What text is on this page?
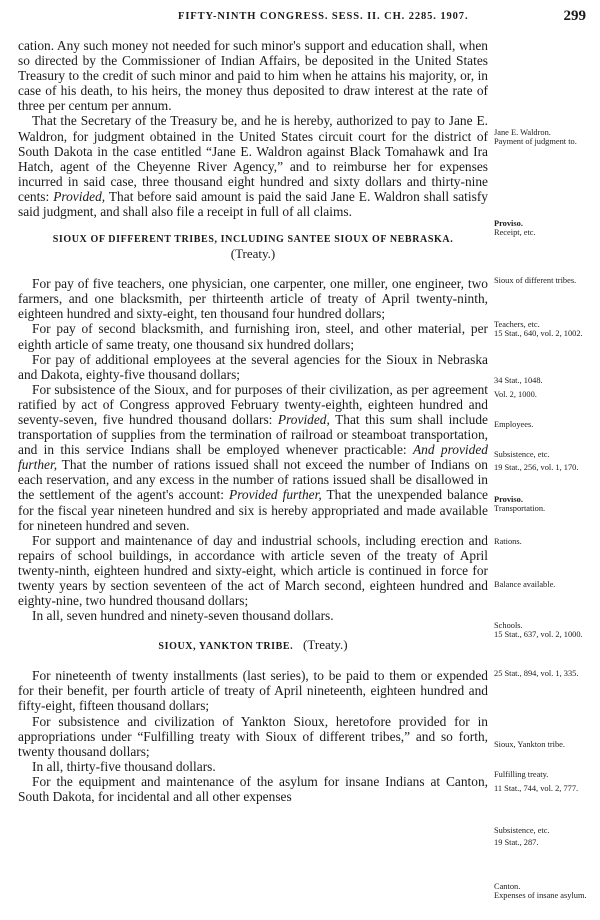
FIFTY-NINTH CONGRESS. SESS. II. CH. 2285. 1907.	299

cation. Any such money not needed for such minor's support and education shall, when so directed by the Commissioner of Indian Affairs, be deposited in the United States Treasury to the credit of such minor and paid to him when he attains his majority, or, in case of his death, to his heirs, the money thus deposited to draw interest at the rate of three per centum per annum.

That the Secretary of the Treasury be, and he is hereby, authorized to pay to Jane E. Waldron, for judgment obtained in the United States circuit court for the district of South Dakota in the case entitled “Jane E. Waldron against Black Tomahawk and Ira Hatch, agent of the Cheyenne River Agency,” and to reimburse her for expenses incurred in said case, three thousand eight hundred and sixty dollars and thirty-nine cents: Provided, That before said amount is paid the said Jane E. Waldron shall satisfy said judgment, and shall also file a receipt in full of all claims.

SIOUX OF DIFFERENT TRIBES, INCLUDING SANTEE SIOUX OF NEBRASKA.
(Treaty.)

For pay of five teachers, one physician, one carpenter, one miller, one engineer, two farmers, and one blacksmith, per thirteenth article of treaty of April twenty-ninth, eighteen hundred and sixty-eight, ten thousand four hundred dollars;

For pay of second blacksmith, and furnishing iron, steel, and other material, per eighth article of same treaty, one thousand six hundred dollars;

For pay of additional employees at the several agencies for the Sioux in Nebraska and Dakota, eighty-five thousand dollars;

For subsistence of the Sioux, and for purposes of their civilization, as per agreement ratified by act of Congress approved February twenty-eighth, eighteen hundred and seventy-seven, five hundred thousand dollars: Provided, That this sum shall include transportation of supplies from the termination of railroad or steamboat transportation, and in this service Indians shall be employed whenever practicable: And provided further, That the number of rations issued shall not exceed the number of Indians on each reservation, and any excess in the number of rations issued shall be disallowed in the settlement of the agent's account: Provided further, That the unexpended balance for the fiscal year nineteen hundred and six is hereby appropriated and made available for nineteen hundred and seven.

For support and maintenance of day and industrial schools, including erection and repairs of school buildings, in accordance with article seven of the treaty of April twenty-ninth, eighteen hundred and sixty-eight, which article is continued in force for twenty years by section seventeen of the act of March second, eighteen hundred and eighty-nine, two hundred thousand dollars;

In all, seven hundred and ninety-seven thousand dollars.

SIOUX, YANKTON TRIBE. (Treaty.)

For nineteenth of twenty installments (last series), to be paid to them or expended for their benefit, per fourth article of treaty of April nineteenth, eighteen hundred and fifty-eight, fifteen thousand dollars;

For subsistence and civilization of Yankton Sioux, heretofore provided for in appropriations under “Fulfilling treaty with Sioux of different tribes,” and so forth, twenty thousand dollars;

In all, thirty-five thousand dollars.

For the equipment and maintenance of the asylum for insane Indians at Canton, South Dakota, for incidental and all other expenses

Jane E. Waldron.
Payment of judgment to.
Proviso.
Receipt, etc.
Sioux of different tribes.
Teachers, etc.
15 Stat., 640, vol. 2, 1002.
34 Stat., 1048.
Vol. 2, 1000.
Employees.
Subsistence, etc.
19 Stat., 256, vol. 1, 170.
Proviso.
Transportation.
Rations.
Balance available.
Schools.
15 Stat., 637, vol. 2, 1000.
25 Stat., 894, vol. 1, 335.
Sioux, Yankton tribe.
Fulfilling treaty.
11 Stat., 744, vol. 2, 777.
Subsistence, etc.
19 Stat., 287.
Canton.
Expenses of insane asylum.
